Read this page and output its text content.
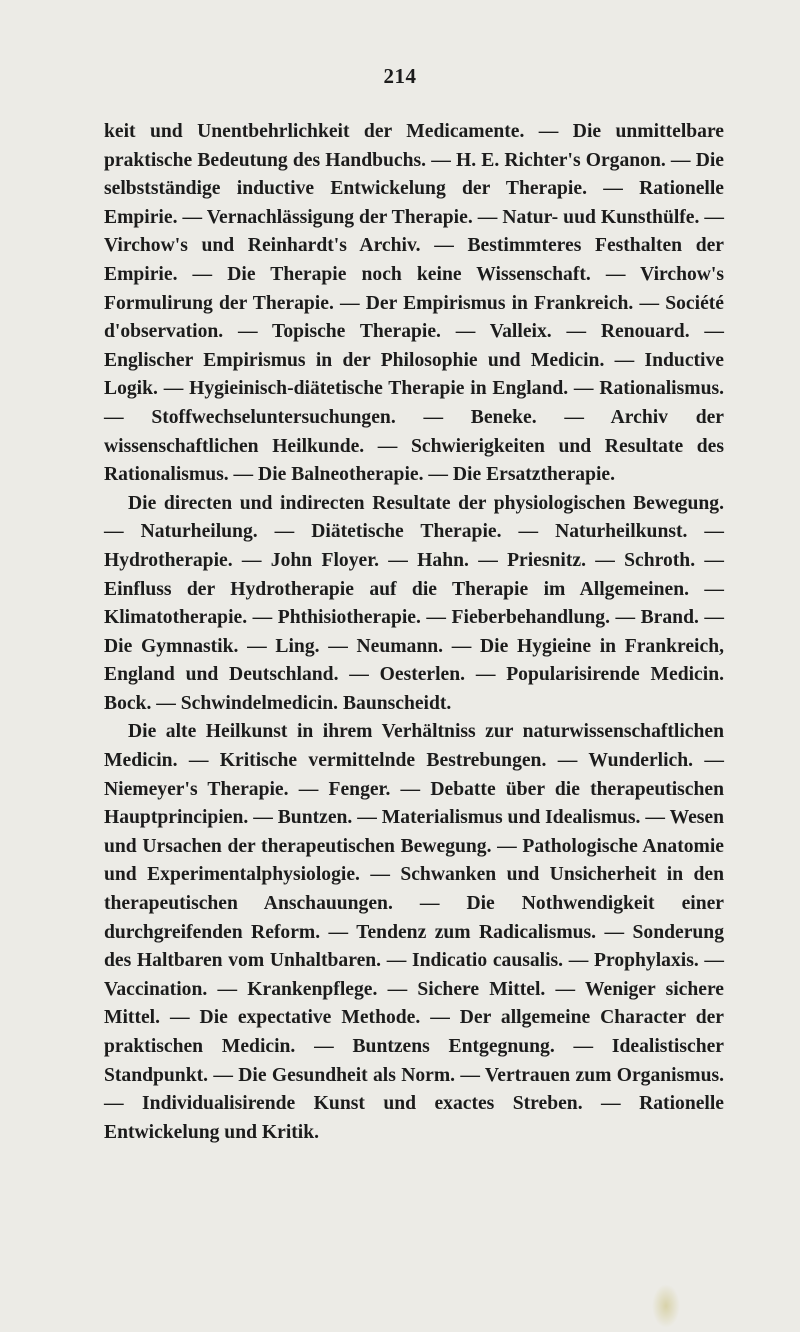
214

keit und Unentbehrlichkeit der Medicamente. — Die unmittelbare praktische Bedeutung des Handbuchs. — H. E. Richter's Organon. — Die selbstständige inductive Entwickelung der Therapie. — Rationelle Empirie. — Vernachlässigung der Therapie. — Natur- uud Kunsthülfe. — Virchow's und Reinhardt's Archiv. — Bestimmteres Festhalten der Empirie. — Die Therapie noch keine Wissenschaft. — Virchow's Formulirung der Therapie. — Der Empirismus in Frankreich. — Société d'observation. — Topische Therapie. — Valleix. — Renouard. — Englischer Empirismus in der Philosophie und Medicin. — Inductive Logik. — Hygieinisch-diätetische Therapie in England. — Rationalismus. — Stoffwechseluntersuchungen. — Beneke. — Archiv der wissenschaftlichen Heilkunde. — Schwierigkeiten und Resultate des Rationalismus. — Die Balneotherapie. — Die Ersatztherapie.

Die directen und indirecten Resultate der physiologischen Bewegung. — Naturheilung. — Diätetische Therapie. — Naturheilkunst. — Hydrotherapie. — John Floyer. — Hahn. — Priesnitz. — Schroth. — Einfluss der Hydrotherapie auf die Therapie im Allgemeinen. — Klimatotherapie. — Phthisiotherapie. — Fieberbehandlung. — Brand. — Die Gymnastik. — Ling. — Neumann. — Die Hygieine in Frankreich, England und Deutschland. — Oesterlen. — Popularisirende Medicin. Bock. — Schwindelmedicin. Baunscheidt.

Die alte Heilkunst in ihrem Verhältniss zur naturwissenschaftlichen Medicin. — Kritische vermittelnde Bestrebungen. — Wunderlich. — Niemeyer's Therapie. — Fenger. — Debatte über die therapeutischen Hauptprincipien. — Buntzen. — Materialismus und Idealismus. — Wesen und Ursachen der therapeutischen Bewegung. — Pathologische Anatomie und Experimentalphysiologie. — Schwanken und Unsicherheit in den therapeutischen Anschauungen. — Die Nothwendigkeit einer durchgreifenden Reform. — Tendenz zum Radicalismus. — Sonderung des Haltbaren vom Unhaltbaren. — Indicatio causalis. — Prophylaxis. — Vaccination. — Krankenpflege. — Sichere Mittel. — Weniger sichere Mittel. — Die expectative Methode. — Der allgemeine Character der praktischen Medicin. — Buntzens Entgegnung. — Idealistischer Standpunkt. — Die Gesundheit als Norm. — Vertrauen zum Organismus. — Individualisirende Kunst und exactes Streben. — Rationelle Entwickelung und Kritik.
